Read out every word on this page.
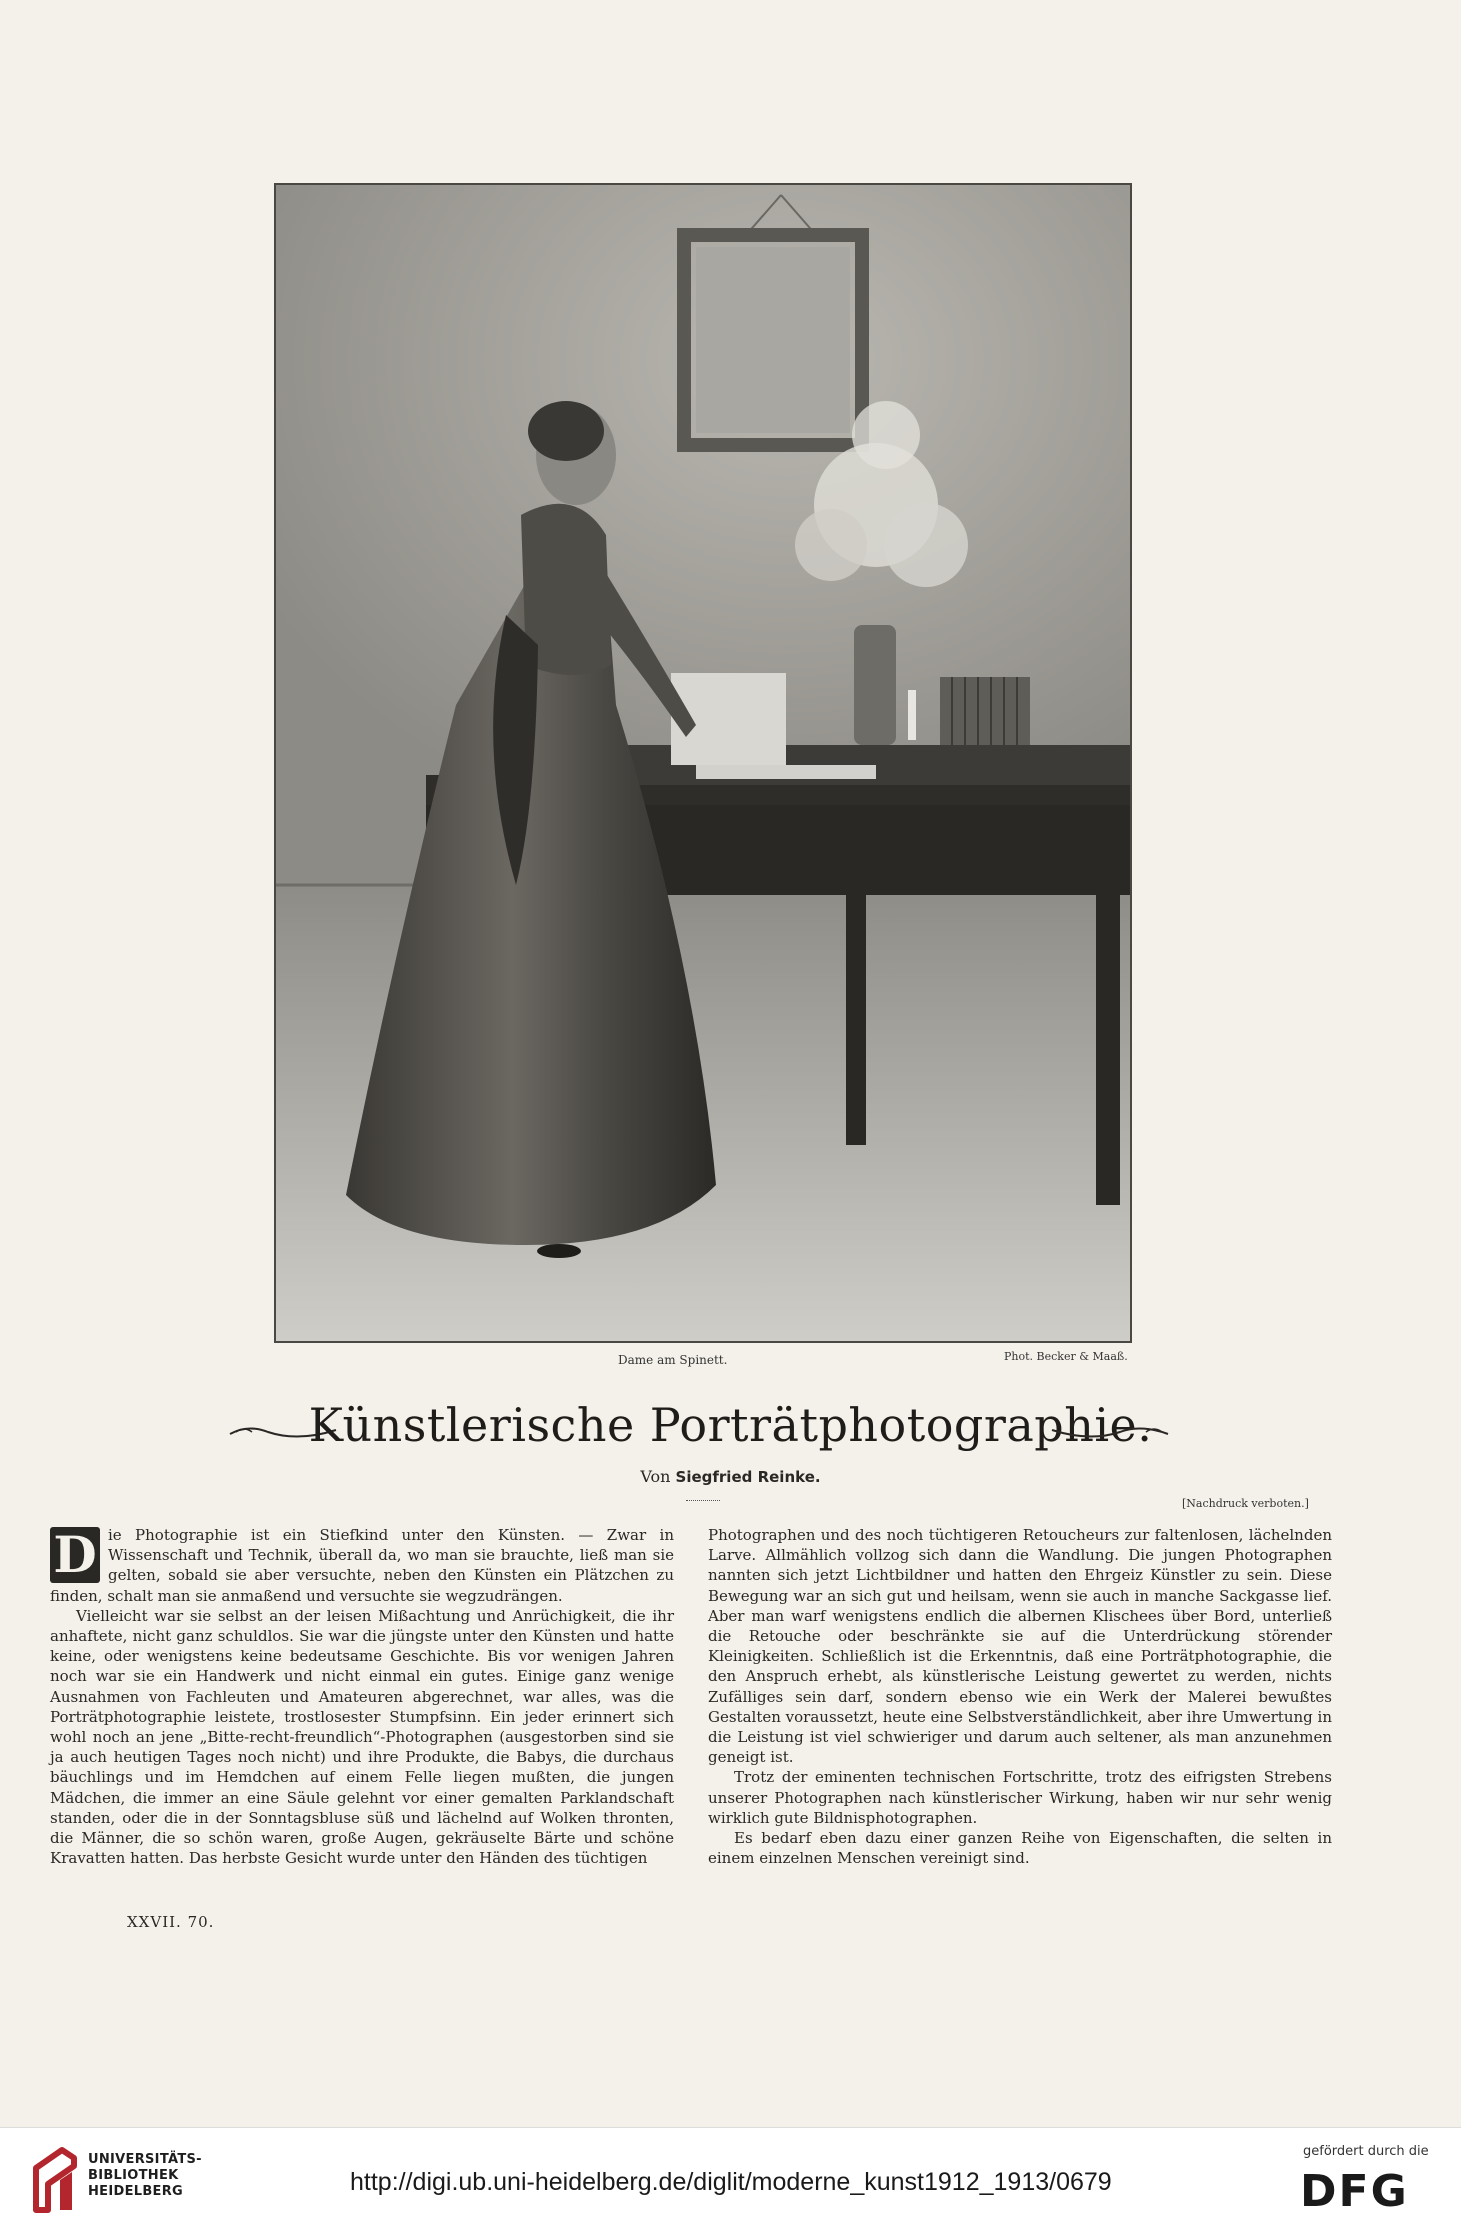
Dame am Spinett.	Phot. Becker & Maaß.
Künstlerische Porträtphotographie.
Von Siegfried Reinke.
[Nachdruck verboten.]

D ie Photographie ist ein Stiefkind unter den Künsten. — Zwar in Wissenschaft und Technik, überall da, wo man sie brauchte, ließ man sie gelten, sobald sie aber versuchte, neben den Künsten ein Plätzchen zu finden, schalt man sie anmaßend und versuchte sie wegzudrängen.

Vielleicht war sie selbst an der leisen Mißachtung und Anrüchigkeit, die ihr anhaftete, nicht ganz schuldlos. Sie war die jüngste unter den Künsten und hatte keine, oder wenigstens keine bedeutsame Geschichte. Bis vor wenigen Jahren noch war sie ein Handwerk und nicht einmal ein gutes. Einige ganz wenige Ausnahmen von Fachleuten und Amateuren abgerechnet, war alles, was die Porträtphotographie leistete, trostlosester Stumpfsinn. Ein jeder erinnert sich wohl noch an jene „Bitte-recht-freundlich“-Photographen (ausgestorben sind sie ja auch heutigen Tages noch nicht) und ihre Produkte, die Babys, die durchaus bäuchlings und im Hemdchen auf einem Felle liegen mußten, die jungen Mädchen, die immer an eine Säule gelehnt vor einer gemalten Parklandschaft standen, oder die in der Sonntagsbluse süß und lächelnd auf Wolken thronten, die Männer, die so schön waren, große Augen, gekräuselte Bärte und schöne Kravatten hatten. Das herbste Gesicht wurde unter den Händen des tüchtigen

Photographen und des noch tüchtigeren Retoucheurs zur faltenlosen, lächelnden Larve. Allmählich vollzog sich dann die Wandlung. Die jungen Photographen nannten sich jetzt Lichtbildner und hatten den Ehrgeiz Künstler zu sein. Diese Bewegung war an sich gut und heilsam, wenn sie auch in manche Sackgasse lief. Aber man warf wenigstens endlich die albernen Klischees über Bord, unterließ die Retouche oder beschränkte sie auf die Unterdrückung störender Kleinigkeiten. Schließlich ist die Erkenntnis, daß eine Porträtphotographie, die den Anspruch erhebt, als künstlerische Leistung gewertet zu werden, nichts Zufälliges sein darf, sondern ebenso wie ein Werk der Malerei bewußtes Gestalten voraussetzt, heute eine Selbstverständlichkeit, aber ihre Umwertung in die Leistung ist viel schwieriger und darum auch seltener, als man anzunehmen geneigt ist.

Trotz der eminenten technischen Fortschritte, trotz des eifrigsten Strebens unserer Photographen nach künstlerischer Wirkung, haben wir nur sehr wenig wirklich gute Bildnisphotographen.

Es bedarf eben dazu einer ganzen Reihe von Eigenschaften, die selten in einem einzelnen Menschen vereinigt sind.

XXVII. 70.
UNIVERSITÄTS-
BIBLIOTHEK
HEIDELBERG	http://digi.ub.uni-heidelberg.de/diglit/moderne_kunst1912_1913/0679
gefördert durch die
DFG
